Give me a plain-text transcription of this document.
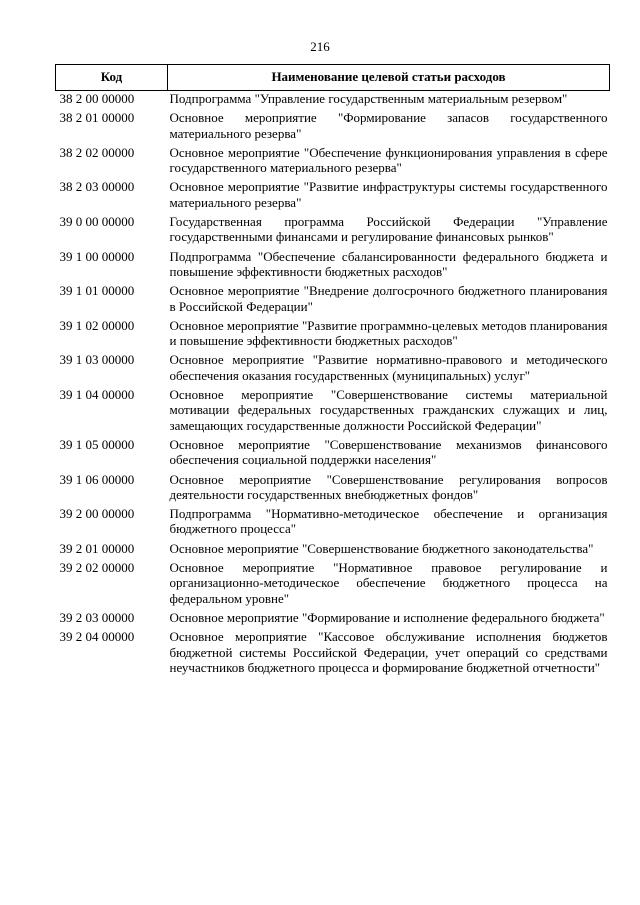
216
Код	Наименование целевой статьи расходов
38 2 00 00000	Подпрограмма "Управление государственным материальным резервом"
38 2 01 00000	Основное мероприятие "Формирование запасов государственного материального резерва"
38 2 02 00000	Основное мероприятие "Обеспечение функционирования управления в сфере государственного материального резерва"
38 2 03 00000	Основное мероприятие "Развитие инфраструктуры системы государственного материального резерва"
39 0 00 00000	Государственная программа Российской Федерации "Управление государственными финансами и регулирование финансовых рынков"
39 1 00 00000	Подпрограмма "Обеспечение сбалансированности федерального бюджета и повышение эффективности бюджетных расходов"
39 1 01 00000	Основное мероприятие "Внедрение долгосрочного бюджетного планирования в Российской Федерации"
39 1 02 00000	Основное мероприятие "Развитие программно-целевых методов планирования и повышение эффективности бюджетных расходов"
39 1 03 00000	Основное мероприятие "Развитие нормативно-правового и методического обеспечения оказания государственных (муниципальных) услуг"
39 1 04 00000	Основное мероприятие "Совершенствование системы материальной мотивации федеральных государственных гражданских служащих и лиц, замещающих государственные должности Российской Федерации"
39 1 05 00000	Основное мероприятие "Совершенствование механизмов финансового обеспечения социальной поддержки населения"
39 1 06 00000	Основное мероприятие "Совершенствование регулирования вопросов деятельности государственных внебюджетных фондов"
39 2 00 00000	Подпрограмма "Нормативно-методическое обеспечение и организация бюджетного процесса"
39 2 01 00000	Основное мероприятие "Совершенствование бюджетного законодательства"
39 2 02 00000	Основное мероприятие "Нормативное правовое регулирование и организационно-методическое обеспечение бюджетного процесса на федеральном уровне"
39 2 03 00000	Основное мероприятие "Формирование и исполнение федерального бюджета"
39 2 04 00000	Основное мероприятие "Кассовое обслуживание исполнения бюджетов бюджетной системы Российской Федерации, учет операций со средствами неучастников бюджетного процесса и формирование бюджетной отчетности"
